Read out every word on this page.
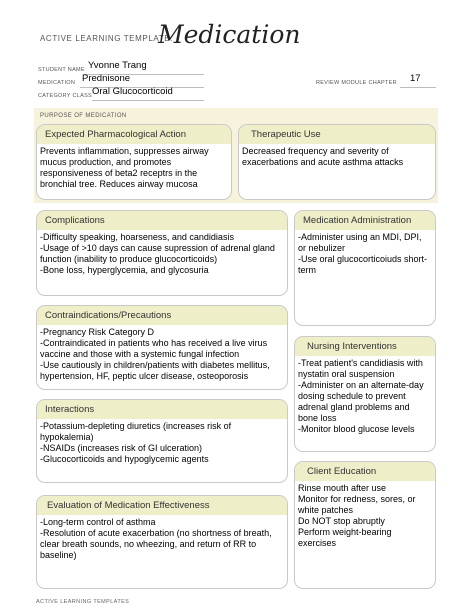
ACTIVE LEARNING TEMPLATE:
Medication
STUDENT NAME Yvonne Trang
MEDICATION Prednisone	REVIEW MODULE CHAPTER 17
CATEGORY CLASS Oral Glucocorticoid
PURPOSE OF MEDICATION
Expected Pharmacological Action
Prevents inflammation, suppresses airway
mucus production, and promotes
responsiveness of beta2 receptrs in the
bronchial tree. Reduces airway mucosa
Therapeutic Use
Decreased frequency and severity of
exacerbations and acute asthma attacks
Complications
-Difficulty speaking, hoarseness, and candidiasis
-Usage of >10 days can cause supression of adrenal gland
function (inability to produce glucocorticoids)
-Bone loss, hyperglycemia, and glycosuria
Medication Administration
-Administer using an MDI, DPI,
or nebulizer
-Use oral glucocorticoiuds short-
term
Contraindications/Precautions
-Pregnancy Risk Category D
-Contraindicated in patients who has received a live virus
vaccine and those with a systemic fungal infection
-Use cautiously in children/patients with diabetes mellitus,
hypertension, HF, peptic ulcer disease, osteoporosis
Nursing Interventions
-Treat patient's candidiasis with
nystatin oral suspension
-Administer on an alternate-day
dosing schedule to prevent
adrenal gland problems and
bone loss
-Monitor blood glucose levels
Interactions
-Potassium-depleting diuretics (increases risk of
hypokalemia)
-NSAIDs (increases risk of GI ulceration)
-Glucocorticoids and hypoglycemic agents
Client Education
Rinse mouth after use
Monitor for redness, sores, or
white patches
Do NOT stop abruptly
Perform weight-bearing
exercises
Evaluation of Medication Effectiveness
-Long-term control of asthma
-Resolution of acute exacerbation (no shortness of breath,
clear breath sounds, no wheezing, and return of RR to
baseline)
ACTIVE LEARNING TEMPLATES
